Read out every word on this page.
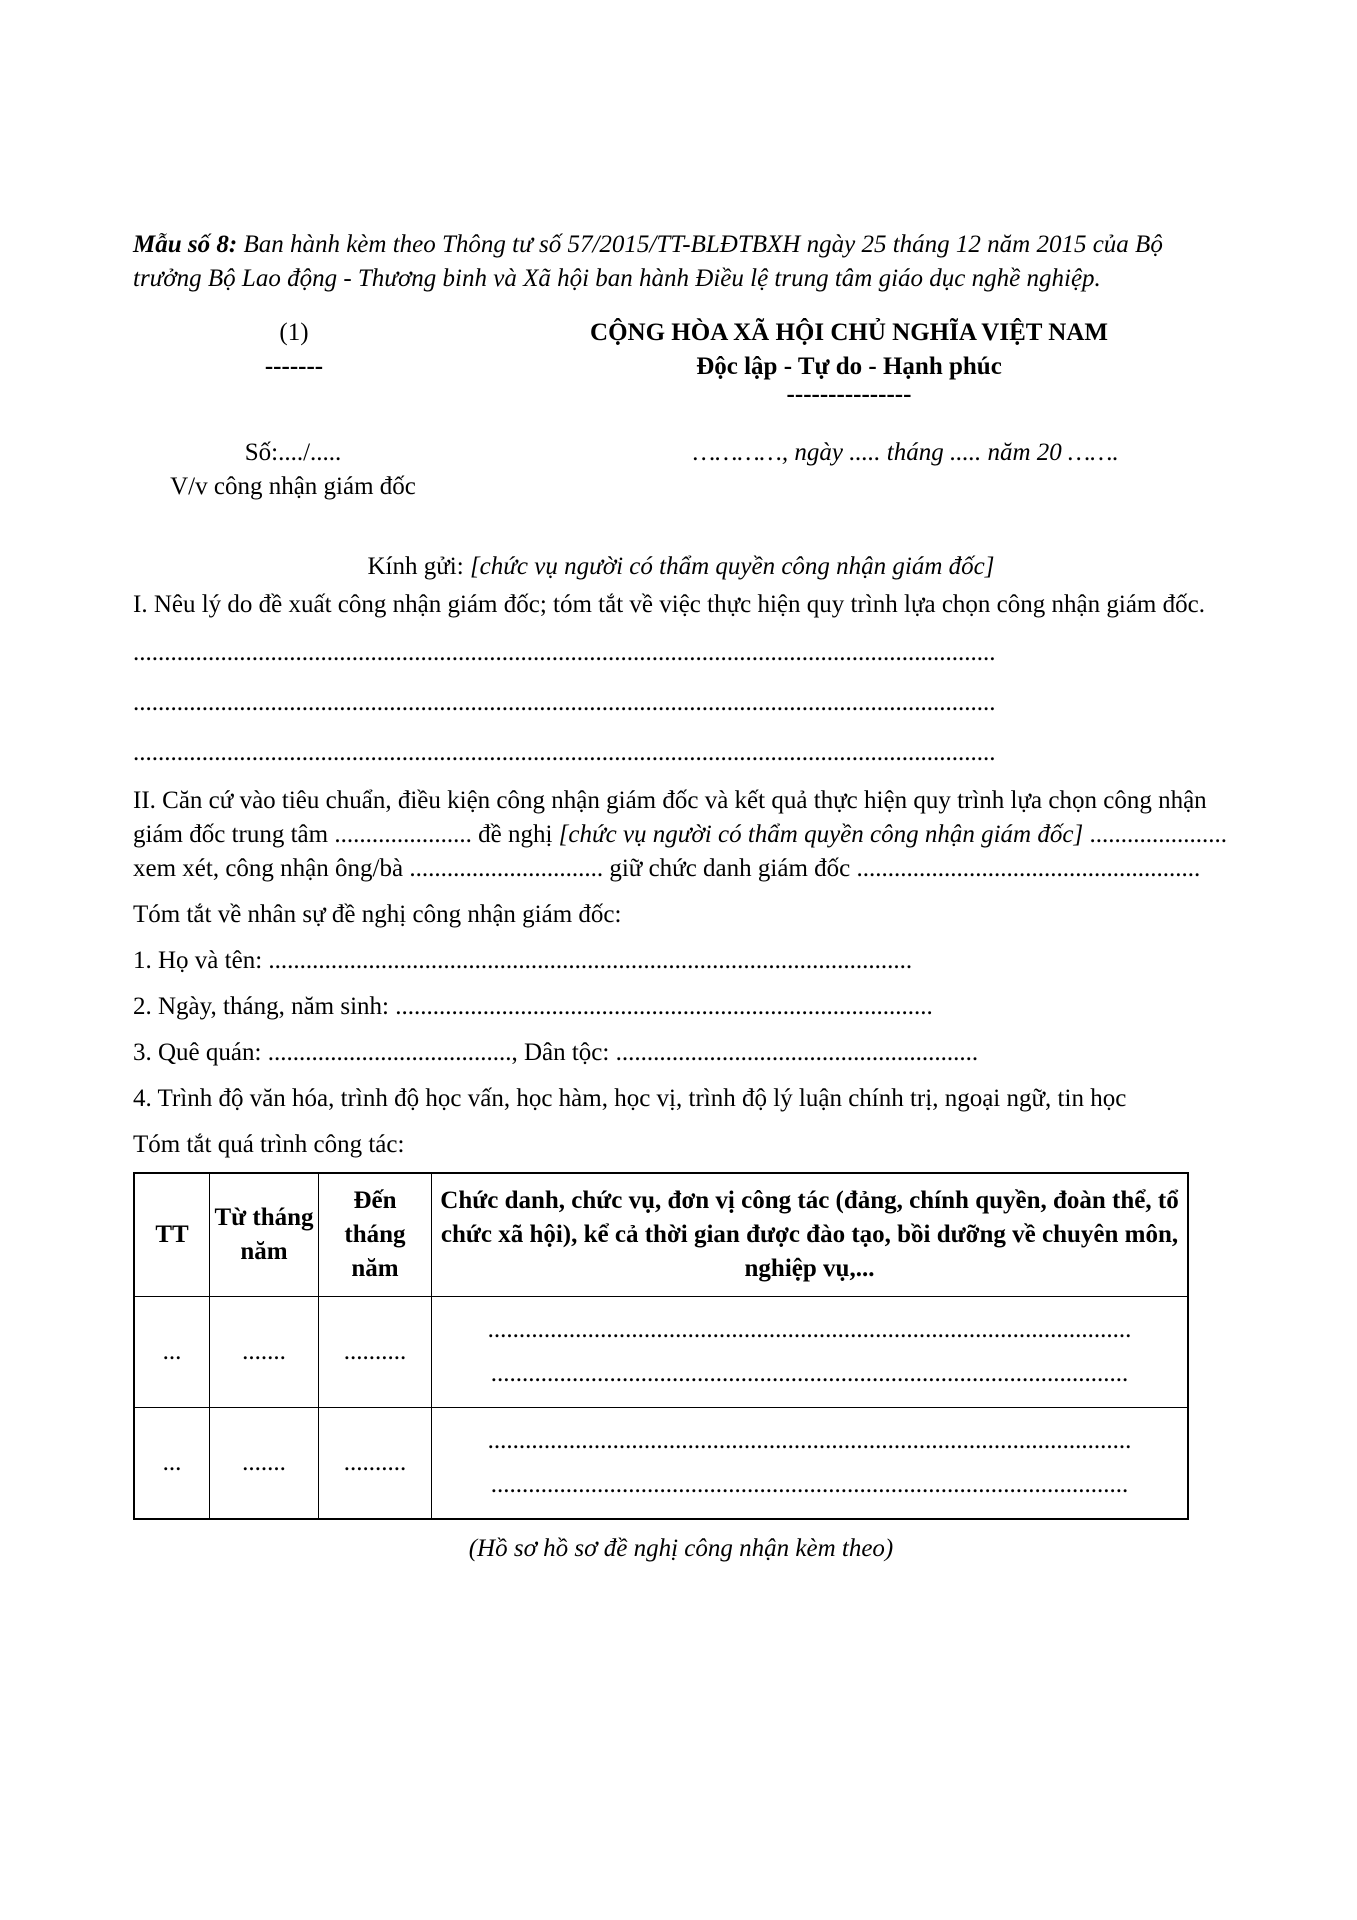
Mẫu số 8: Ban hành kèm theo Thông tư số 57/2015/TT-BLĐTBXH ngày 25 tháng 12 năm 2015 của Bộ trưởng Bộ Lao động - Thương binh và Xã hội ban hành Điều lệ trung tâm giáo dục nghề nghiệp.

(1)
-------
CỘNG HÒA XÃ HỘI CHỦ NGHĨA VIỆT NAM
Độc lập - Tự do - Hạnh phúc
---------------
Số:..../.....
V/v công nhận giám đốc
…………, ngày ..... tháng ..... năm 20 …….

Kính gửi: [chức vụ người có thẩm quyền công nhận giám đốc]

I. Nêu lý do đề xuất công nhận giám đốc; tóm tắt về việc thực hiện quy trình lựa chọn công nhận giám đốc.

..........................................................................................................................................
..........................................................................................................................................
..........................................................................................................................................

II. Căn cứ vào tiêu chuẩn, điều kiện công nhận giám đốc và kết quả thực hiện quy trình lựa chọn công nhận giám đốc trung tâm ...................... đề nghị [chức vụ người có thẩm quyền công nhận giám đốc] ...................... xem xét, công nhận ông/bà ............................... giữ chức danh giám đốc .......................................................

Tóm tắt về nhân sự đề nghị công nhận giám đốc:

1. Họ và tên: .......................................................................................................

2. Ngày, tháng, năm sinh: ......................................................................................

3. Quê quán: ......................................., Dân tộc: ..........................................................

4. Trình độ văn hóa, trình độ học vấn, học hàm, học vị, trình độ lý luận chính trị, ngoại ngữ, tin học

Tóm tắt quá trình công tác:

TT	Từ tháng năm	Đến tháng năm	Chức danh, chức vụ, đơn vị công tác (đảng, chính quyền, đoàn thể, tổ chức xã hội), kể cả thời gian được đào tạo, bồi dưỡng về chuyên môn, nghiệp vụ,...
...	.......	..........	.......................................................................................................
......................................................................................................

...	.......	..........	.......................................................................................................
......................................................................................................

(Hồ sơ hồ sơ đề nghị công nhận kèm theo)
